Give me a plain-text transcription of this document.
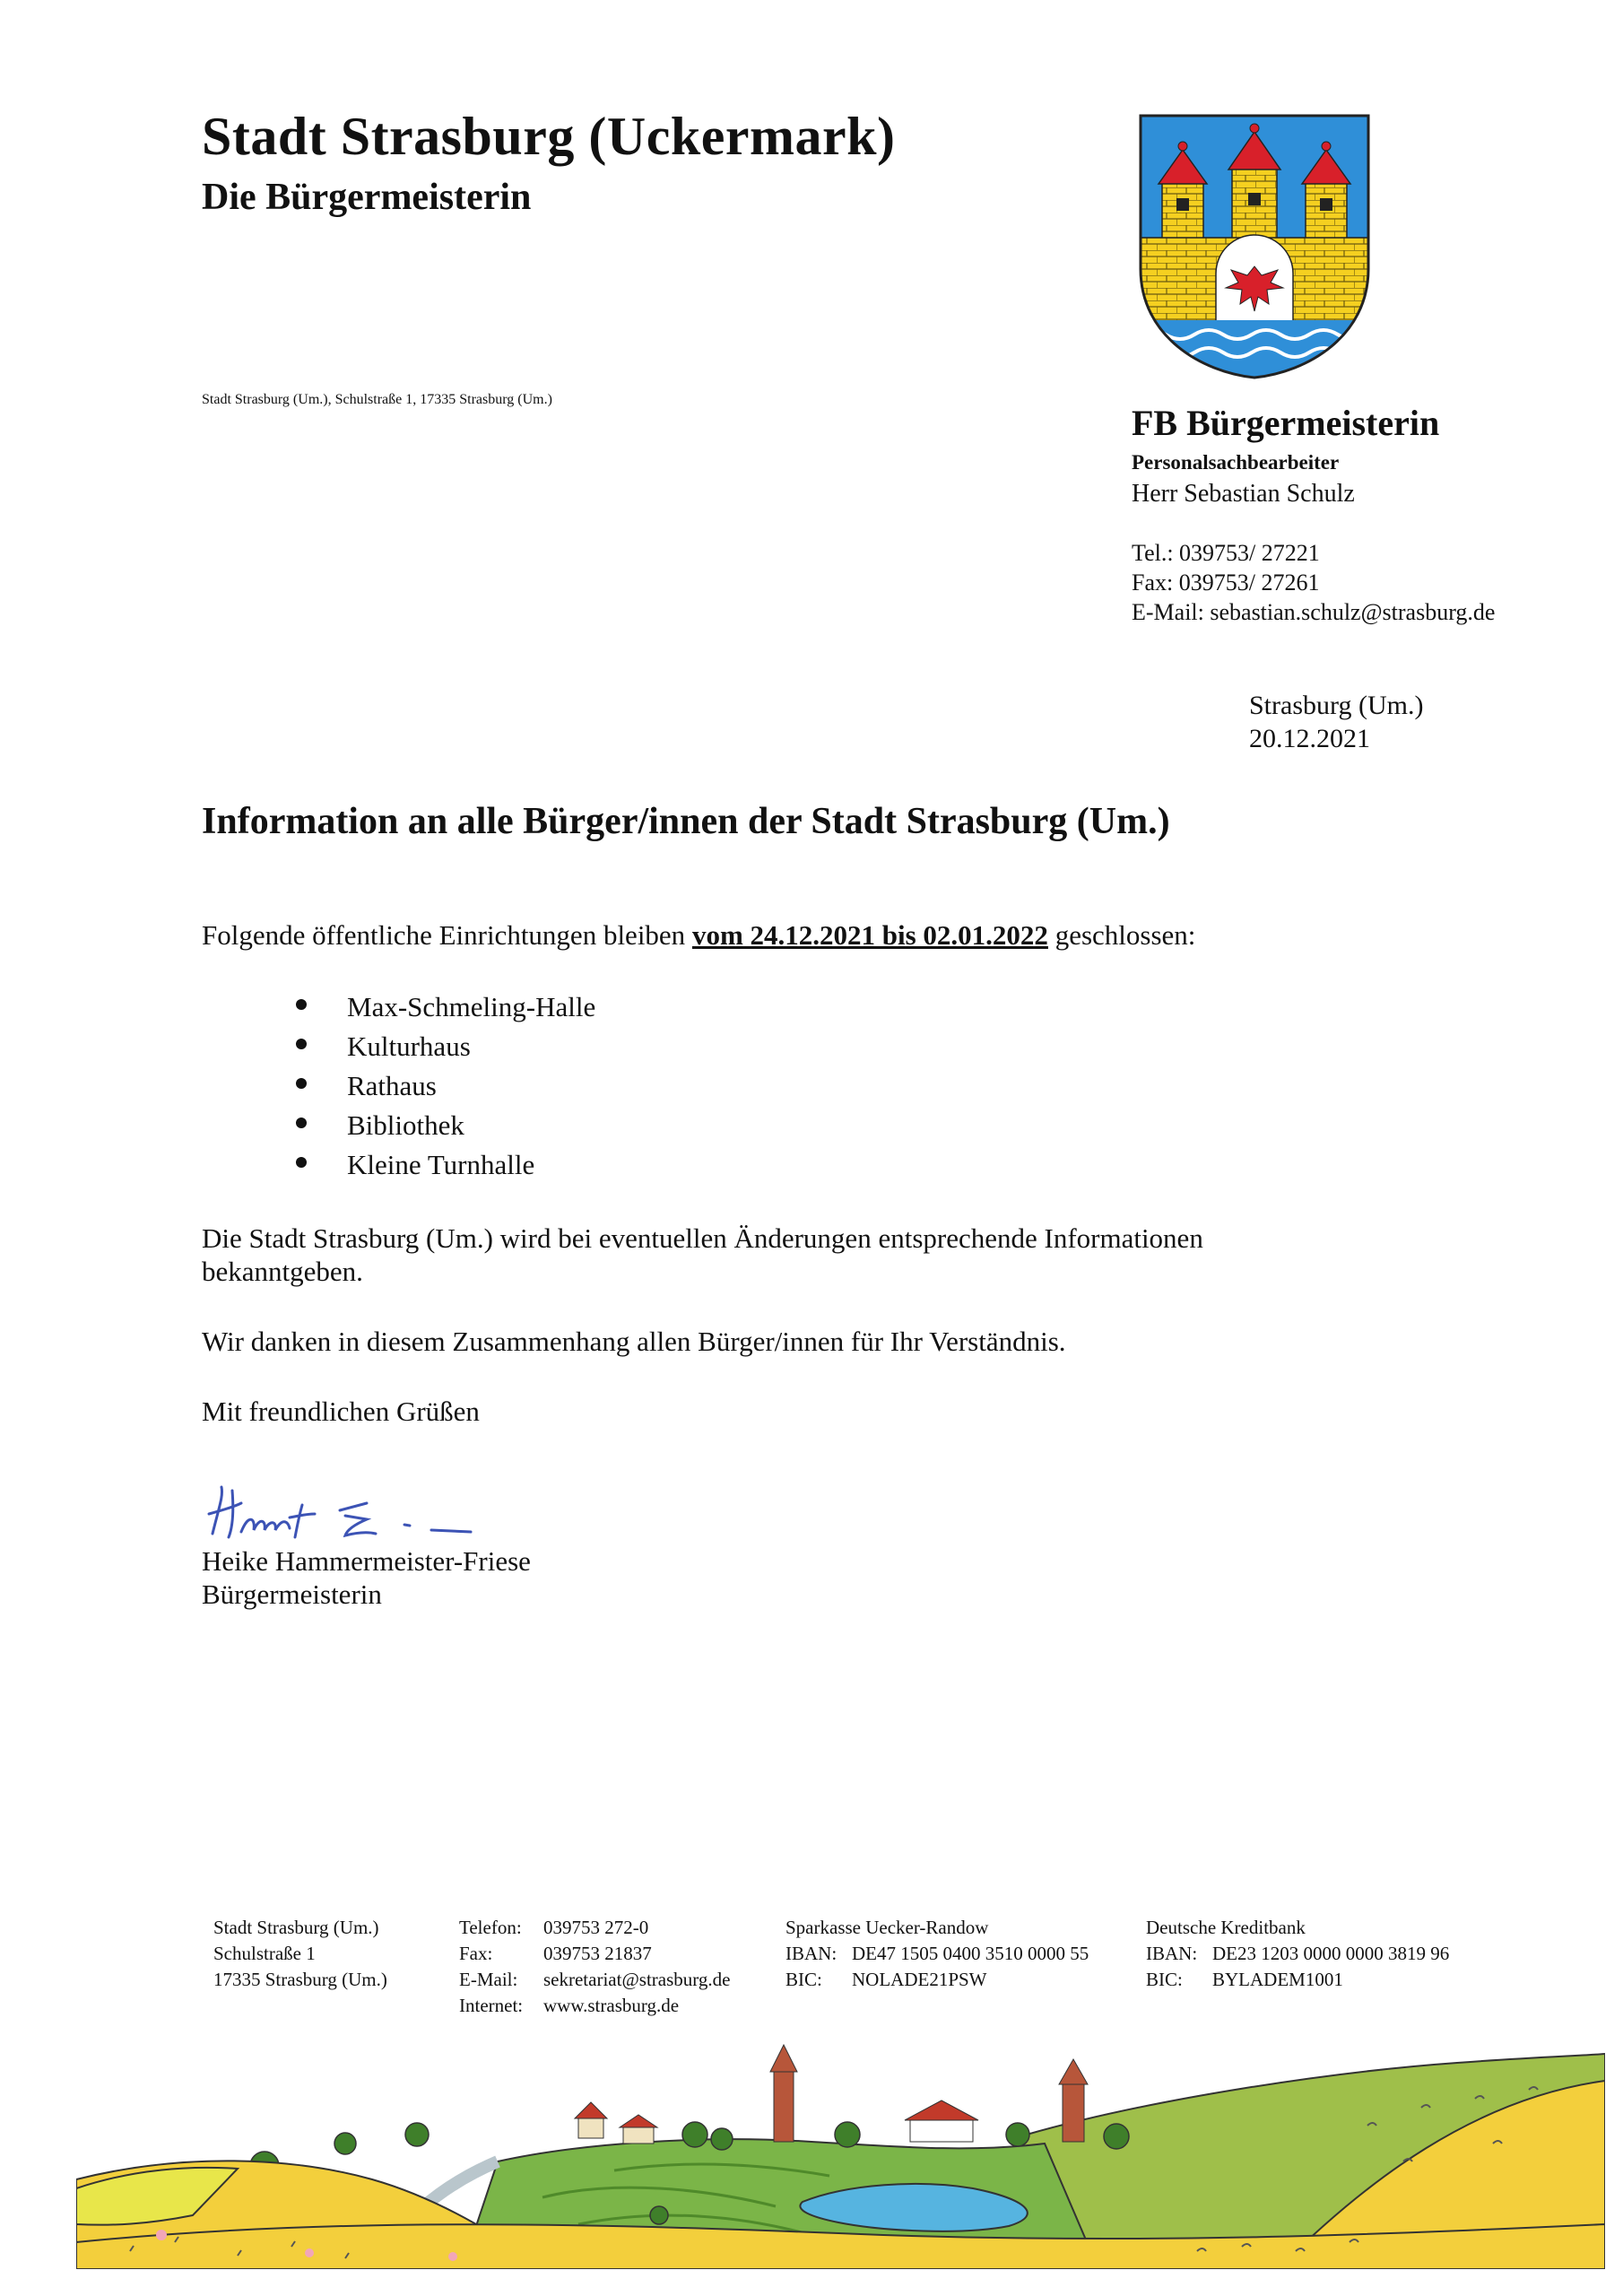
Stadt Strasburg (Uckermark)
Die Bürgermeisterin
Stadt Strasburg (Um.), Schulstraße 1, 17335 Strasburg (Um.)
FB Bürgermeisterin
Personalsachbearbeiter
Herr Sebastian Schulz
Tel.: 039753/ 27221
Fax: 039753/ 27261
E-Mail: sebastian.schulz@strasburg.de
Strasburg (Um.)
20.12.2021
Information an alle Bürger/innen der Stadt Strasburg (Um.)
Folgende öffentliche Einrichtungen bleiben vom 24.12.2021 bis 02.01.2022 geschlossen:
Max-Schmeling-Halle
Kulturhaus
Rathaus
Bibliothek
Kleine Turnhalle
Die Stadt Strasburg (Um.) wird bei eventuellen Änderungen entsprechende Informationen bekanntgeben.
Wir danken in diesem Zusammenhang allen Bürger/innen für Ihr Verständnis.
Mit freundlichen Grüßen
Heike Hammermeister-Friese
Bürgermeisterin
Stadt Strasburg (Um.)
Schulstraße 1
17335 Strasburg (Um.)
Telefon: 039753 272-0
Fax:	039753 21837
E-Mail: sekretariat@strasburg.de
Internet: www.strasburg.de
Sparkasse Uecker-Randow
IBAN: DE47 1505 0400 3510 0000 55
BIC: NOLADE21PSW
Deutsche Kreditbank
IBAN: DE23 1203 0000 0000 3819 96
BIC: BYLADEM1001
